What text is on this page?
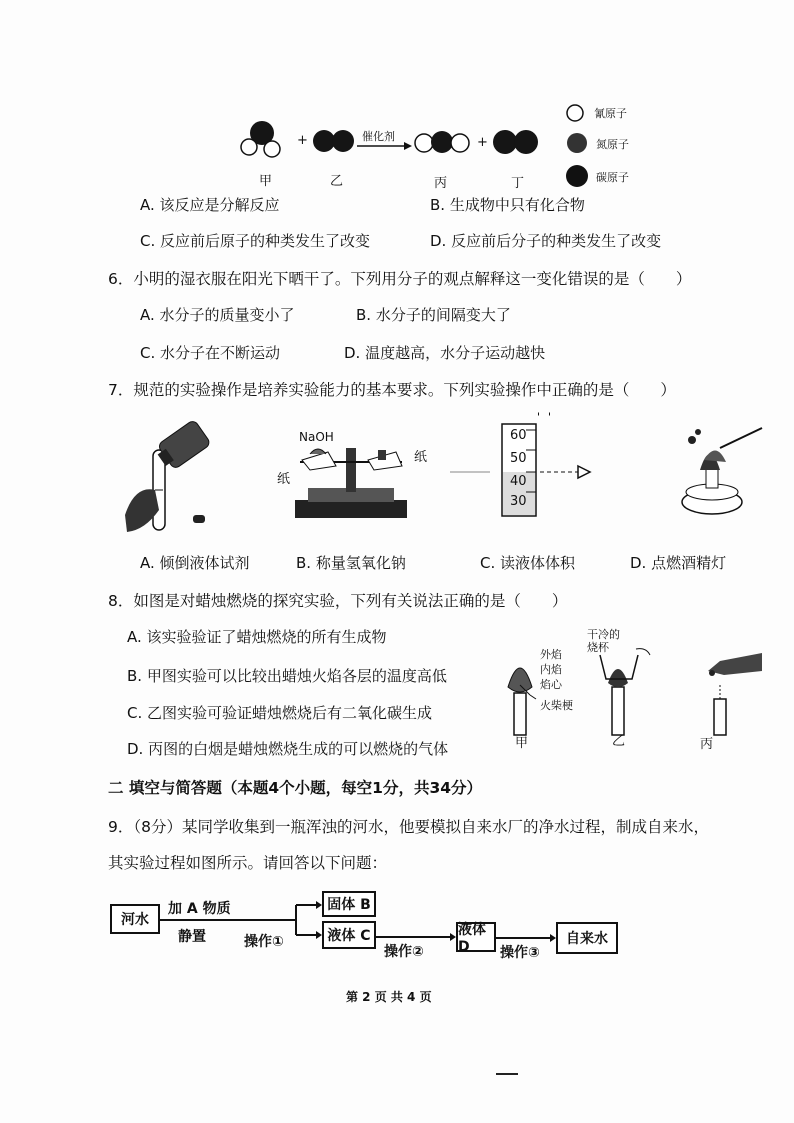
+	+
催化剂
甲	乙	丙	丁
氰原子
氮原子
碳原子
A. 该反应是分解反应	B. 生成物中只有化合物
C. 反应前后原子的种类发生了改变	D. 反应前后分子的种类发生了改变
6．小明的湿衣服在阳光下晒干了。下列用分子的观点解释这一变化错误的是（　　）
A. 水分子的质量变小了	B. 水分子的间隔变大了
C. 水分子在不断运动	D. 温度越高，水分子运动越快
7．规范的实验操作是培养实验能力的基本要求。下列实验操作中正确的是（　　）
NaOH
纸
纸
60
50
40
30
A. 倾倒液体试剂	B. 称量氢氧化钠	C. 读液体体积	D. 点燃酒精灯
8．如图是对蜡烛燃烧的探究实验，下列有关说法正确的是（　　）
A. 该实验验证了蜡烛燃烧的所有生成物
B. 甲图实验可以比较出蜡烛火焰各层的温度高低
C. 乙图实验可验证蜡烛燃烧后有二氧化碳生成
D. 丙图的白烟是蜡烛燃烧生成的可以燃烧的气体
外焰
内焰
焰心
火柴梗
干冷的烧杯
甲	乙	丙
二 填空与简答题（本题4个小题，每空1分，共34分）
9．（8分）某同学收集到一瓶浑浊的河水，他要模拟自来水厂的净水过程，制成自来水，
其实验过程如图所示。请回答以下问题：
河水
加 A 物质
静置	操作①
固体 B
液体 C
操作②
液体 D	操作③
自来水
第 2 页 共 4 页
